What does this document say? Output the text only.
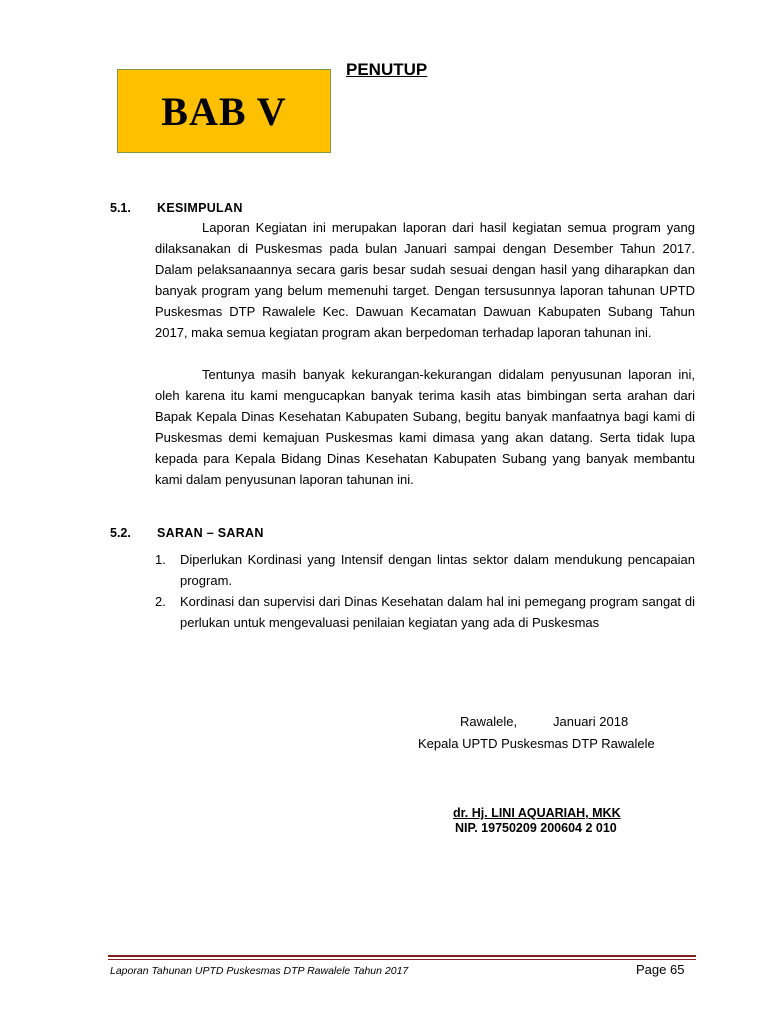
BAB V
PENUTUP
5.1. KESIMPULAN

Laporan Kegiatan ini merupakan laporan dari hasil kegiatan semua program yang dilaksanakan di Puskesmas pada bulan Januari sampai dengan Desember Tahun 2017. Dalam pelaksanaannya secara garis besar sudah sesuai dengan hasil yang diharapkan dan banyak program yang belum memenuhi target. Dengan tersusunnya laporan tahunan UPTD Puskesmas DTP Rawalele Kec. Dawuan Kecamatan Dawuan Kabupaten Subang Tahun 2017, maka semua kegiatan program akan berpedoman terhadap laporan tahunan ini.

Tentunya masih banyak kekurangan-kekurangan didalam penyusunan laporan ini, oleh karena itu kami mengucapkan banyak terima kasih atas bimbingan serta arahan dari Bapak Kepala Dinas Kesehatan Kabupaten Subang, begitu banyak manfaatnya bagi kami di Puskesmas demi kemajuan Puskesmas kami dimasa yang akan datang. Serta tidak lupa kepada para Kepala Bidang Dinas Kesehatan Kabupaten Subang yang banyak membantu kami dalam penyusunan laporan tahunan ini.

5.2. SARAN – SARAN
1. Diperlukan Kordinasi yang Intensif dengan lintas sektor dalam mendukung pencapaian program.
2. Kordinasi dan supervisi dari Dinas Kesehatan dalam hal ini pemegang program sangat di perlukan untuk mengevaluasi penilaian kegiatan yang ada di Puskesmas
Rawalele,	Januari 2018
Kepala UPTD Puskesmas DTP Rawalele
dr. Hj. LINI AQUARIAH, MKK
NIP. 19750209 200604 2 010
Laporan Tahunan UPTD Puskesmas DTP Rawalele Tahun 2017	Page 65
